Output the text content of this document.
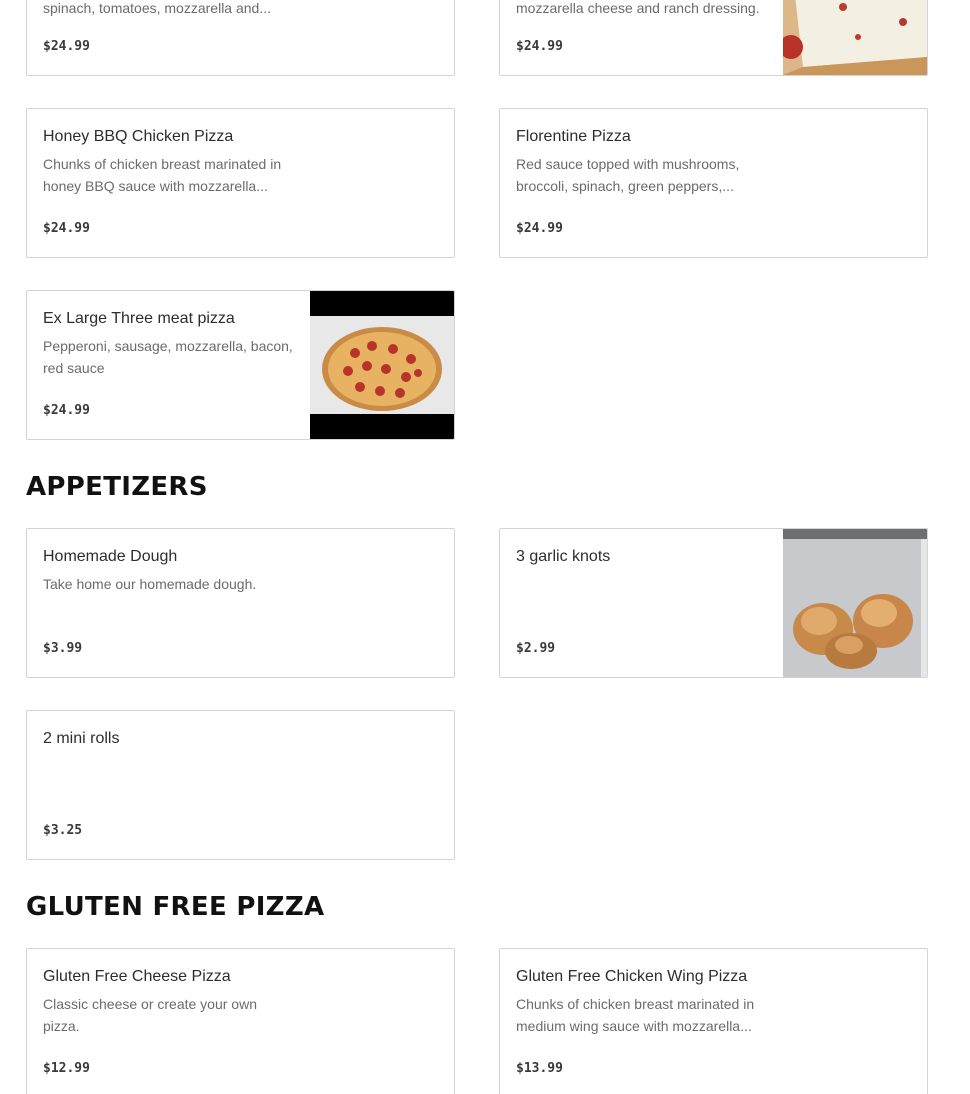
spinach, tomatoes, mozzarella and...
$24.99
mozzarella cheese and ranch dressing.
$24.99
Honey BBQ Chicken Pizza
Chunks of chicken breast marinated in honey BBQ sauce with mozzarella...
$24.99
Florentine Pizza
Red sauce topped with mushrooms, broccoli, spinach, green peppers,...
$24.99
Ex Large Three meat pizza
Pepperoni, sausage, mozzarella, bacon, red sauce
$24.99
APPETIZERS
Homemade Dough
Take home our homemade dough.
$3.99
3 garlic knots
$2.99
2 mini rolls
$3.25
GLUTEN FREE PIZZA
Gluten Free Cheese Pizza
Classic cheese or create your own pizza.
$12.99
Gluten Free Chicken Wing Pizza
Chunks of chicken breast marinated in medium wing sauce with mozzarella...
$13.99
